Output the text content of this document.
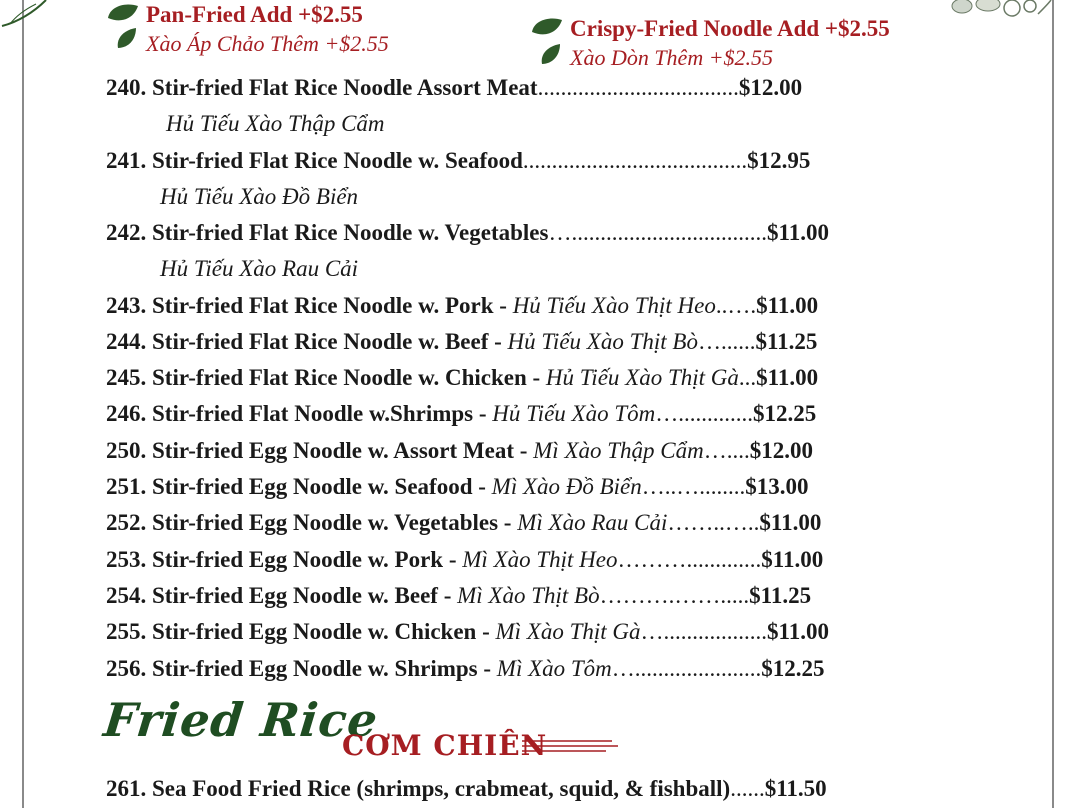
Pan-Fried Add +$2.55
Xào Áp Chảo Thêm +$2.55
Crispy-Fried Noodle Add +$2.55
Xào Dòn Thêm +$2.55
240. Stir-fried Flat Rice Noodle Assort Meat...................................$12.00
Hủ Tiếu Xào Thập Cẩm
241. Stir-fried Flat Rice Noodle w. Seafood.......................................$12.95
Hủ Tiếu Xào Đồ Biển
242. Stir-fried Flat Rice Noodle w. Vegetables…..................................$11.00
Hủ Tiếu Xào Rau Cải
243. Stir-fried Flat Rice Noodle w. Pork - Hủ Tiếu Xào Thịt Heo..….$11.00
244. Stir-fried Flat Rice Noodle w. Beef - Hủ Tiếu Xào Thịt Bò…......$11.25
245. Stir-fried Flat Rice Noodle w. Chicken - Hủ Tiếu Xào Thịt Gà...$11.00
246. Stir-fried Flat Noodle w.Shrimps - Hủ Tiếu Xào Tôm….............$12.25
250. Stir-fried Egg Noodle w. Assort Meat - Mì Xào Thập Cẩm…....$12.00
251. Stir-fried Egg Noodle w. Seafood - Mì Xào Đồ Biển…..…........$13.00
252. Stir-fried Egg Noodle w. Vegetables - Mì Xào Rau Cải……..…..$11.00
253. Stir-fried Egg Noodle w. Pork - Mì Xào Thịt Heo……….............$11.00
254. Stir-fried Egg Noodle w. Beef - Mì Xào Thịt Bò……….…….....$11.25
255. Stir-fried Egg Noodle w. Chicken - Mì Xào Thịt Gà…..................$11.00
256. Stir-fried Egg Noodle w. Shrimps - Mì Xào Tôm…......................$12.25
Fried Rice
CƠM CHIÊN
261. Sea Food Fried Rice (shrimps, crabmeat, squid, & fishball)......$11.50
